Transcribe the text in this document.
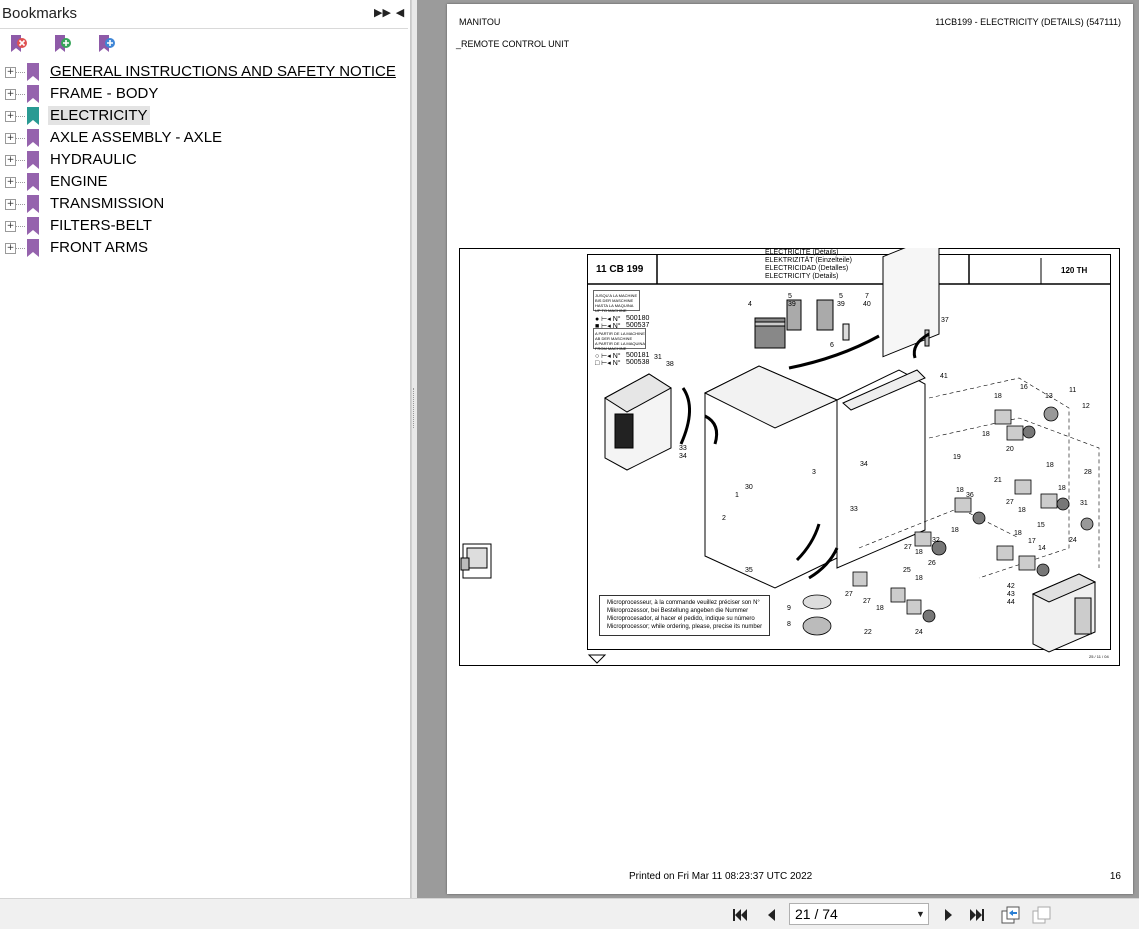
Bookmarks	▶▶ ◀
+ GENERAL INSTRUCTIONS AND SAFETY NOTICE
+ FRAME - BODY
+ ELECTRICITY
+ AXLE ASSEMBLY - AXLE
+ HYDRAULIC
+ ENGINE
+ TRANSMISSION
+ FILTERS-BELT
+ FRONT ARMS
MANITOU	11CB199 - ELECTRICITY (DETAILS) (547111)
_REMOTE CONTROL UNIT
11 CB 199
ELECTRICITE (Détails)
ELEKTRIZITÄT (Einzelteile)
ELECTRICIDAD (Detalles)
ELECTRICITY (Details)
120 TH
JUSQU'A LA MACHINE
BIS DER MASCHINE
HASTA LA MAQUINA
UP TO MACHINE
● ⊢◂ N° 500180
■ ⊢◂ N° 500537
A PARTIR DE LA MACHINE
AB DER MASCHINE
A PARTIR DE LA MAQUINA
FROM MACHINE
○ ⊢◂ N° 500181
□ ⊢◂ N° 500538
Microprocesseur, à la commande veuillez préciser son N°
Mikroprozessor, bei Bestellung angeben die Nummer
Microprocesador, al hacer el pedido, indique su número
Microprocessor; while ordering, please, precise its number
25 / 11 / 04
4
5	5	7
39	39	40
6
37
41
31
38
33
34
3
30
1
2
35
34
33
16	11
12
18	13
18
20
19
18
28
18
21
36
18
27
18
31
15
24
18
17
14
18
32
27
26
18
25
18
27
27
18
22	24
9
8
42
43
44
Printed on Fri Mar 11 08:23:37 UTC 2022	16
21 / 74	▼
